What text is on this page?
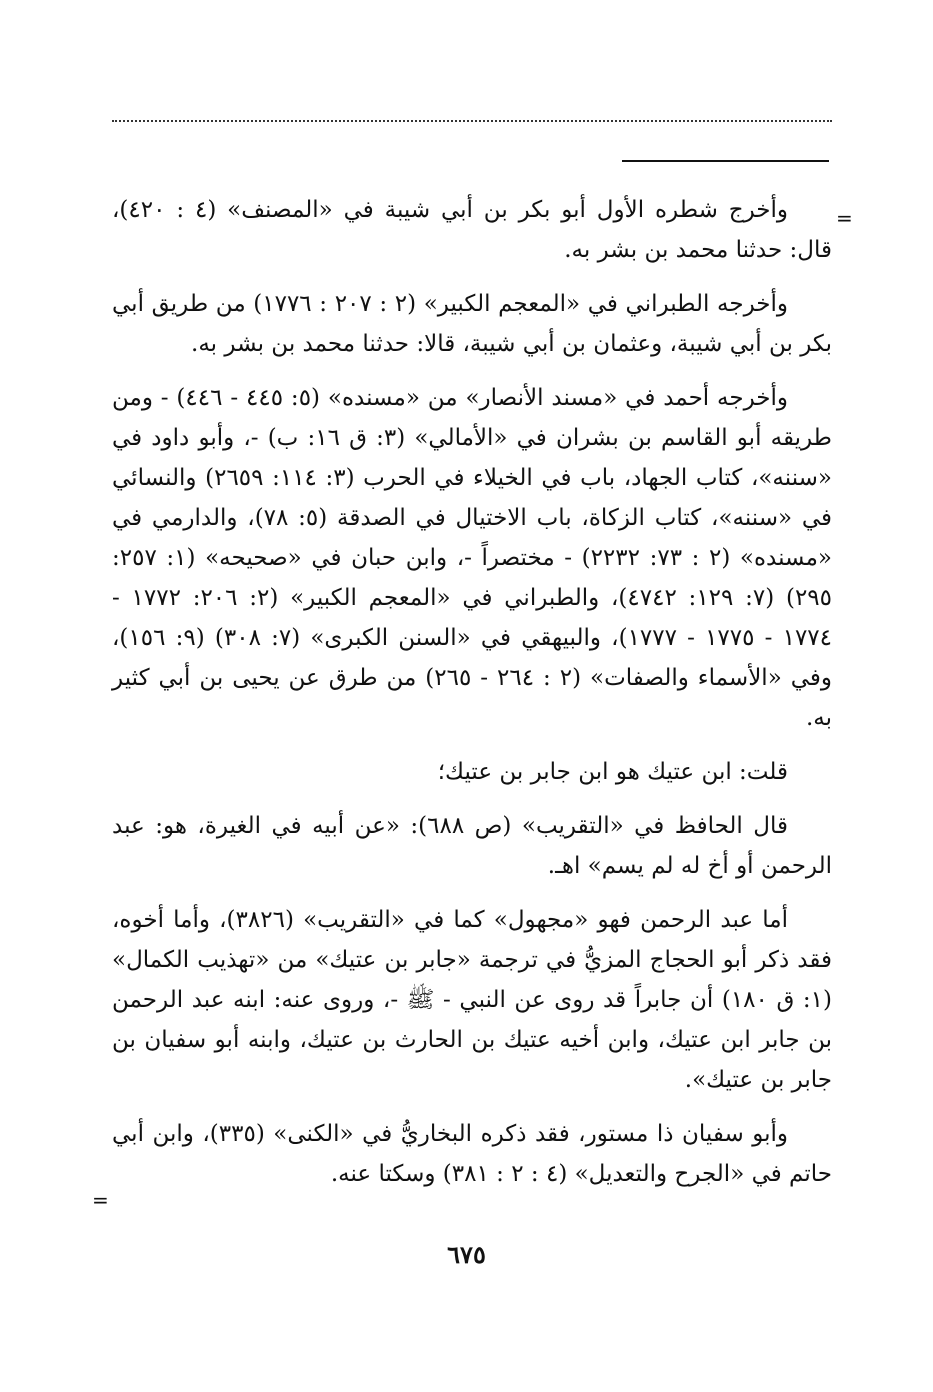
=
=

وأخرج شطره الأول أبو بكر بن أبي شيبة في «المصنف» (٤ : ٤٢٠)، قال: حدثنا محمد بن بشر به.

وأخرجه الطبراني في «المعجم الكبير» (٢ : ٢٠٧ : ١٧٧٦) من طريق أبي بكر بن أبي شيبة، وعثمان بن أبي شيبة، قالا: حدثنا محمد بن بشر به.

وأخرجه أحمد في «مسند الأنصار» من «مسنده» (٥: ٤٤٥ - ٤٤٦) - ومن طريقه أبو القاسم بن بشران في «الأمالي» (٣: ق ١٦: ب) -، وأبو داود في «سننه»، كتاب الجهاد، باب في الخيلاء في الحرب (٣: ١١٤: ٢٦٥٩) والنسائي في «سننه»، كتاب الزكاة، باب الاختيال في الصدقة (٥: ٧٨)، والدارمي في «مسنده» (٢ : ٧٣: ٢٢٣٢) - مختصراً -، وابن حبان في «صحيحه» (١: ٢٥٧: ٢٩٥) (٧: ١٢٩: ٤٧٤٢)، والطبراني في «المعجم الكبير» (٢: ٢٠٦: ١٧٧٢ - ١٧٧٤ - ١٧٧٥ - ١٧٧٧)، والبيهقي في «السنن الكبرى» (٧: ٣٠٨) (٩: ١٥٦)، وفي «الأسماء والصفات» (٢ : ٢٦٤ - ٢٦٥) من طرق عن يحيى بن أبي كثير به.

قلت: ابن عتيك هو ابن جابر بن عتيك؛

قال الحافظ في «التقريب» (ص ٦٨٨): «عن أبيه في الغيرة، هو: عبد الرحمن أو أخ له لم يسم» اهـ.

أما عبد الرحمن فهو «مجهول» كما في «التقريب» (٣٨٢٦)، وأما أخوه، فقد ذكر أبو الحجاج المزيُّ في ترجمة «جابر بن عتيك» من «تهذيب الكمال» (١: ق ١٨٠) أن جابراً قد روى عن النبي - ﷺ -، وروى عنه: ابنه عبد الرحمن بن جابر ابن عتيك، وابن أخيه عتيك بن الحارث بن عتيك، وابنه أبو سفيان بن جابر بن عتيك».

وأبو سفيان ذا مستور، فقد ذكره البخاريُّ في «الكنى» (٣٣٥)، وابن أبي حاتم في «الجرح والتعديل» (٤ : ٢ : ٣٨١) وسكتا عنه.

٦٧٥
